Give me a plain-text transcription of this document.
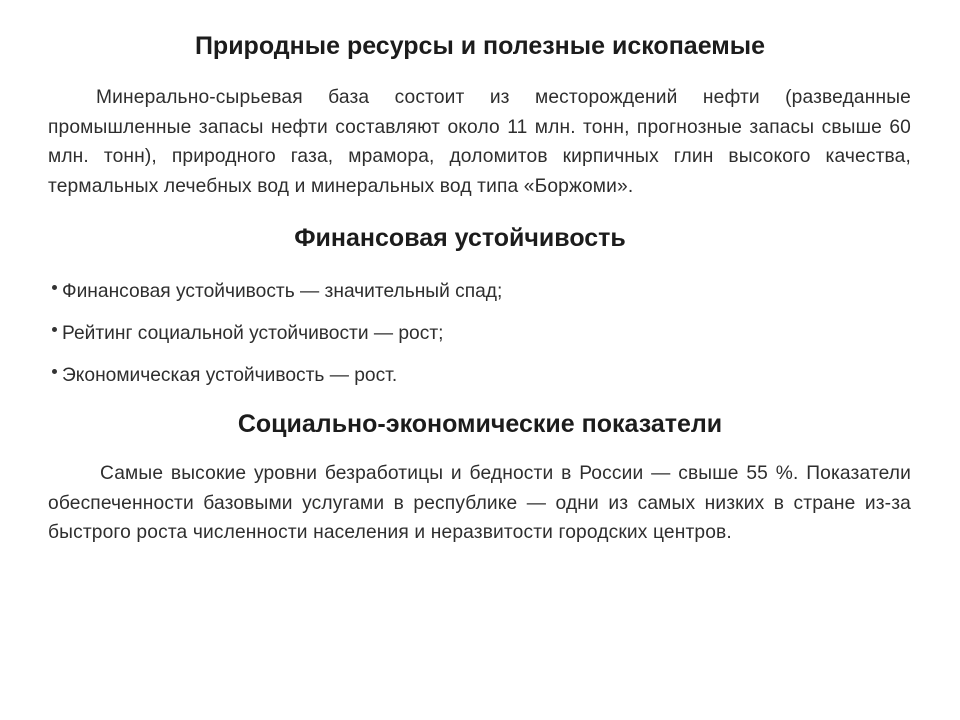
Природные ресурсы и полезные ископаемые

Минерально-сырьевая база состоит из месторождений нефти (разведанные промышленные запасы нефти составляют около 11 млн. тонн, прогнозные запасы свыше 60 млн. тонн), природного газа, мрамора, доломитов кирпичных глин высокого качества, термальных лечебных вод и минеральных вод типа «Боржоми».

Финансовая устойчивость
Финансовая устойчивость — значительный спад;
Рейтинг социальной устойчивости — рост;
Экономическая устойчивость — рост.
Социально-экономические показатели

Самые высокие уровни безработицы и бедности в России — свыше 55 %. Показатели обеспеченности базовыми услугами в республике — одни из самых низких в стране из-за быстрого роста численности населения и неразвитости городских центров.
